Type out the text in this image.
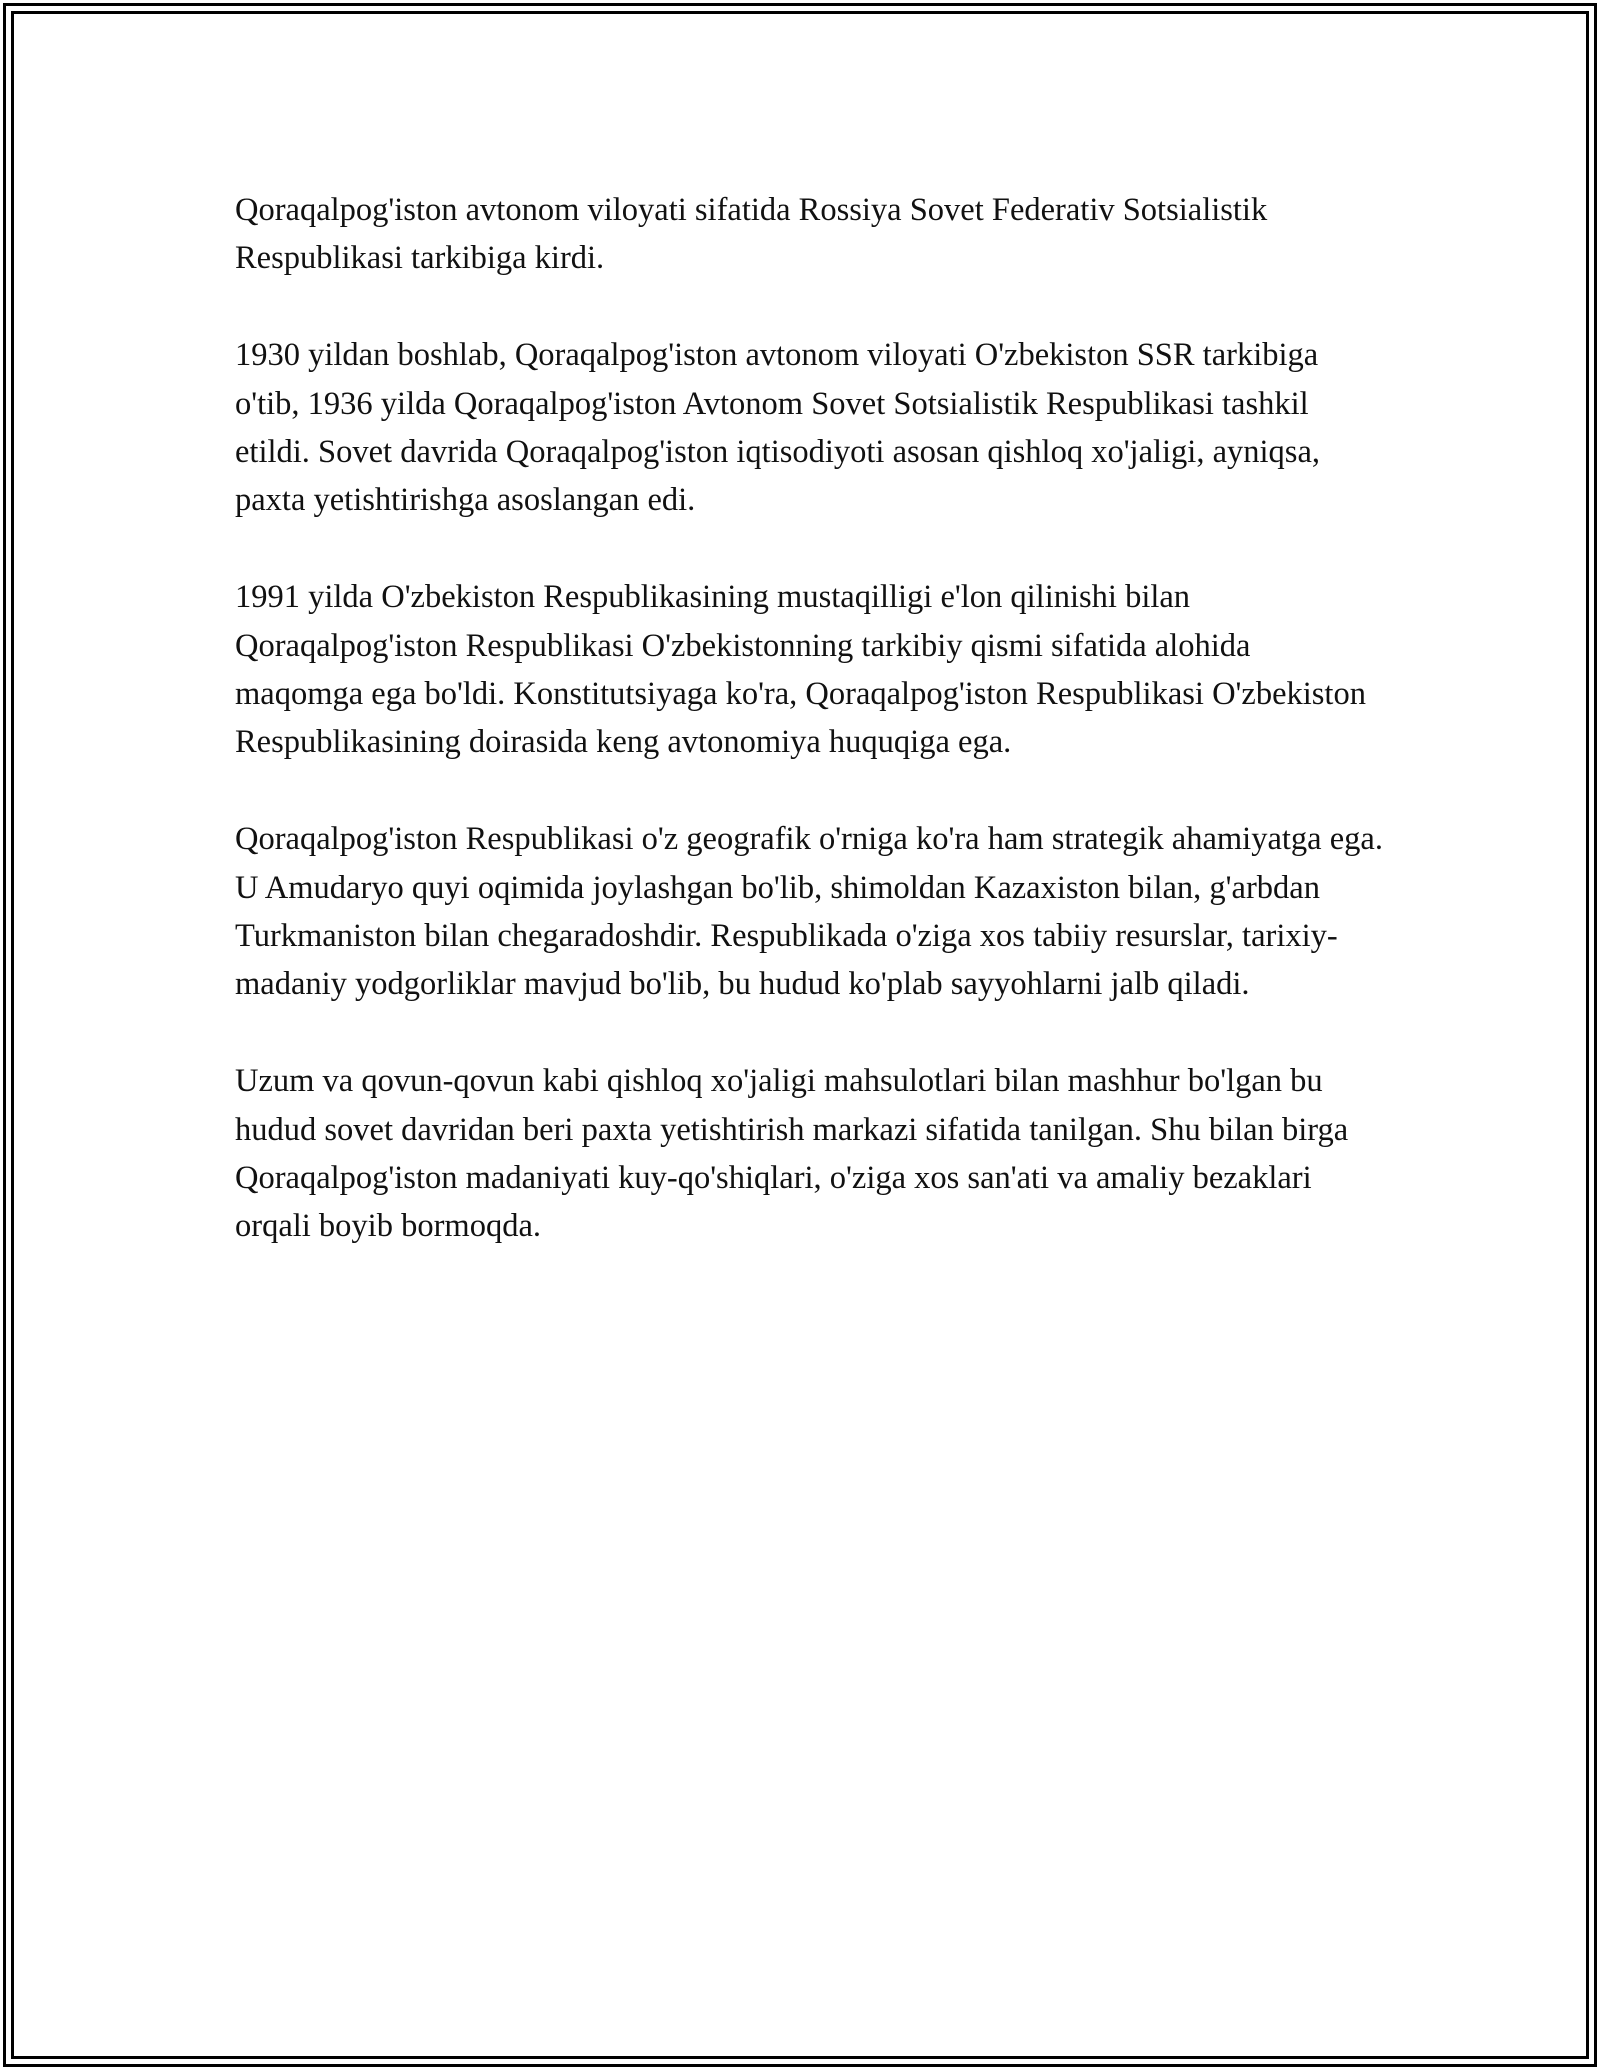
Qoraqalpog'iston avtonom viloyati sifatida Rossiya Sovet Federativ Sotsialistik Respublikasi tarkibiga kirdi.

1930 yildan boshlab, Qoraqalpog'iston avtonom viloyati O'zbekiston SSR tarkibiga o'tib, 1936 yilda Qoraqalpog'iston Avtonom Sovet Sotsialistik Respublikasi tashkil etildi. Sovet davrida Qoraqalpog'iston iqtisodiyoti asosan qishloq xo'jaligi, ayniqsa, paxta yetishtirishga asoslangan edi.

1991 yilda O'zbekiston Respublikasining mustaqilligi e'lon qilinishi bilan Qoraqalpog'iston Respublikasi O'zbekistonning tarkibiy qismi sifatida alohida maqomga ega bo'ldi. Konstitutsiyaga ko'ra, Qoraqalpog'iston Respublikasi O'zbekiston Respublikasining doirasida keng avtonomiya huquqiga ega.

Qoraqalpog'iston Respublikasi o'z geografik o'rniga ko'ra ham strategik ahamiyatga ega. U Amudaryo quyi oqimida joylashgan bo'lib, shimoldan Kazaxiston bilan, g'arbdan Turkmaniston bilan chegaradoshdir. Respublikada o'ziga xos tabiiy resurslar, tarixiy-madaniy yodgorliklar mavjud bo'lib, bu hudud ko'plab sayyohlarni jalb qiladi.

Uzum va qovun-qovun kabi qishloq xo'jaligi mahsulotlari bilan mashhur bo'lgan bu hudud sovet davridan beri paxta yetishtirish markazi sifatida tanilgan. Shu bilan birga Qoraqalpog'iston madaniyati kuy-qo'shiqlari, o'ziga xos san'ati va amaliy bezaklari orqali boyib bormoqda.
